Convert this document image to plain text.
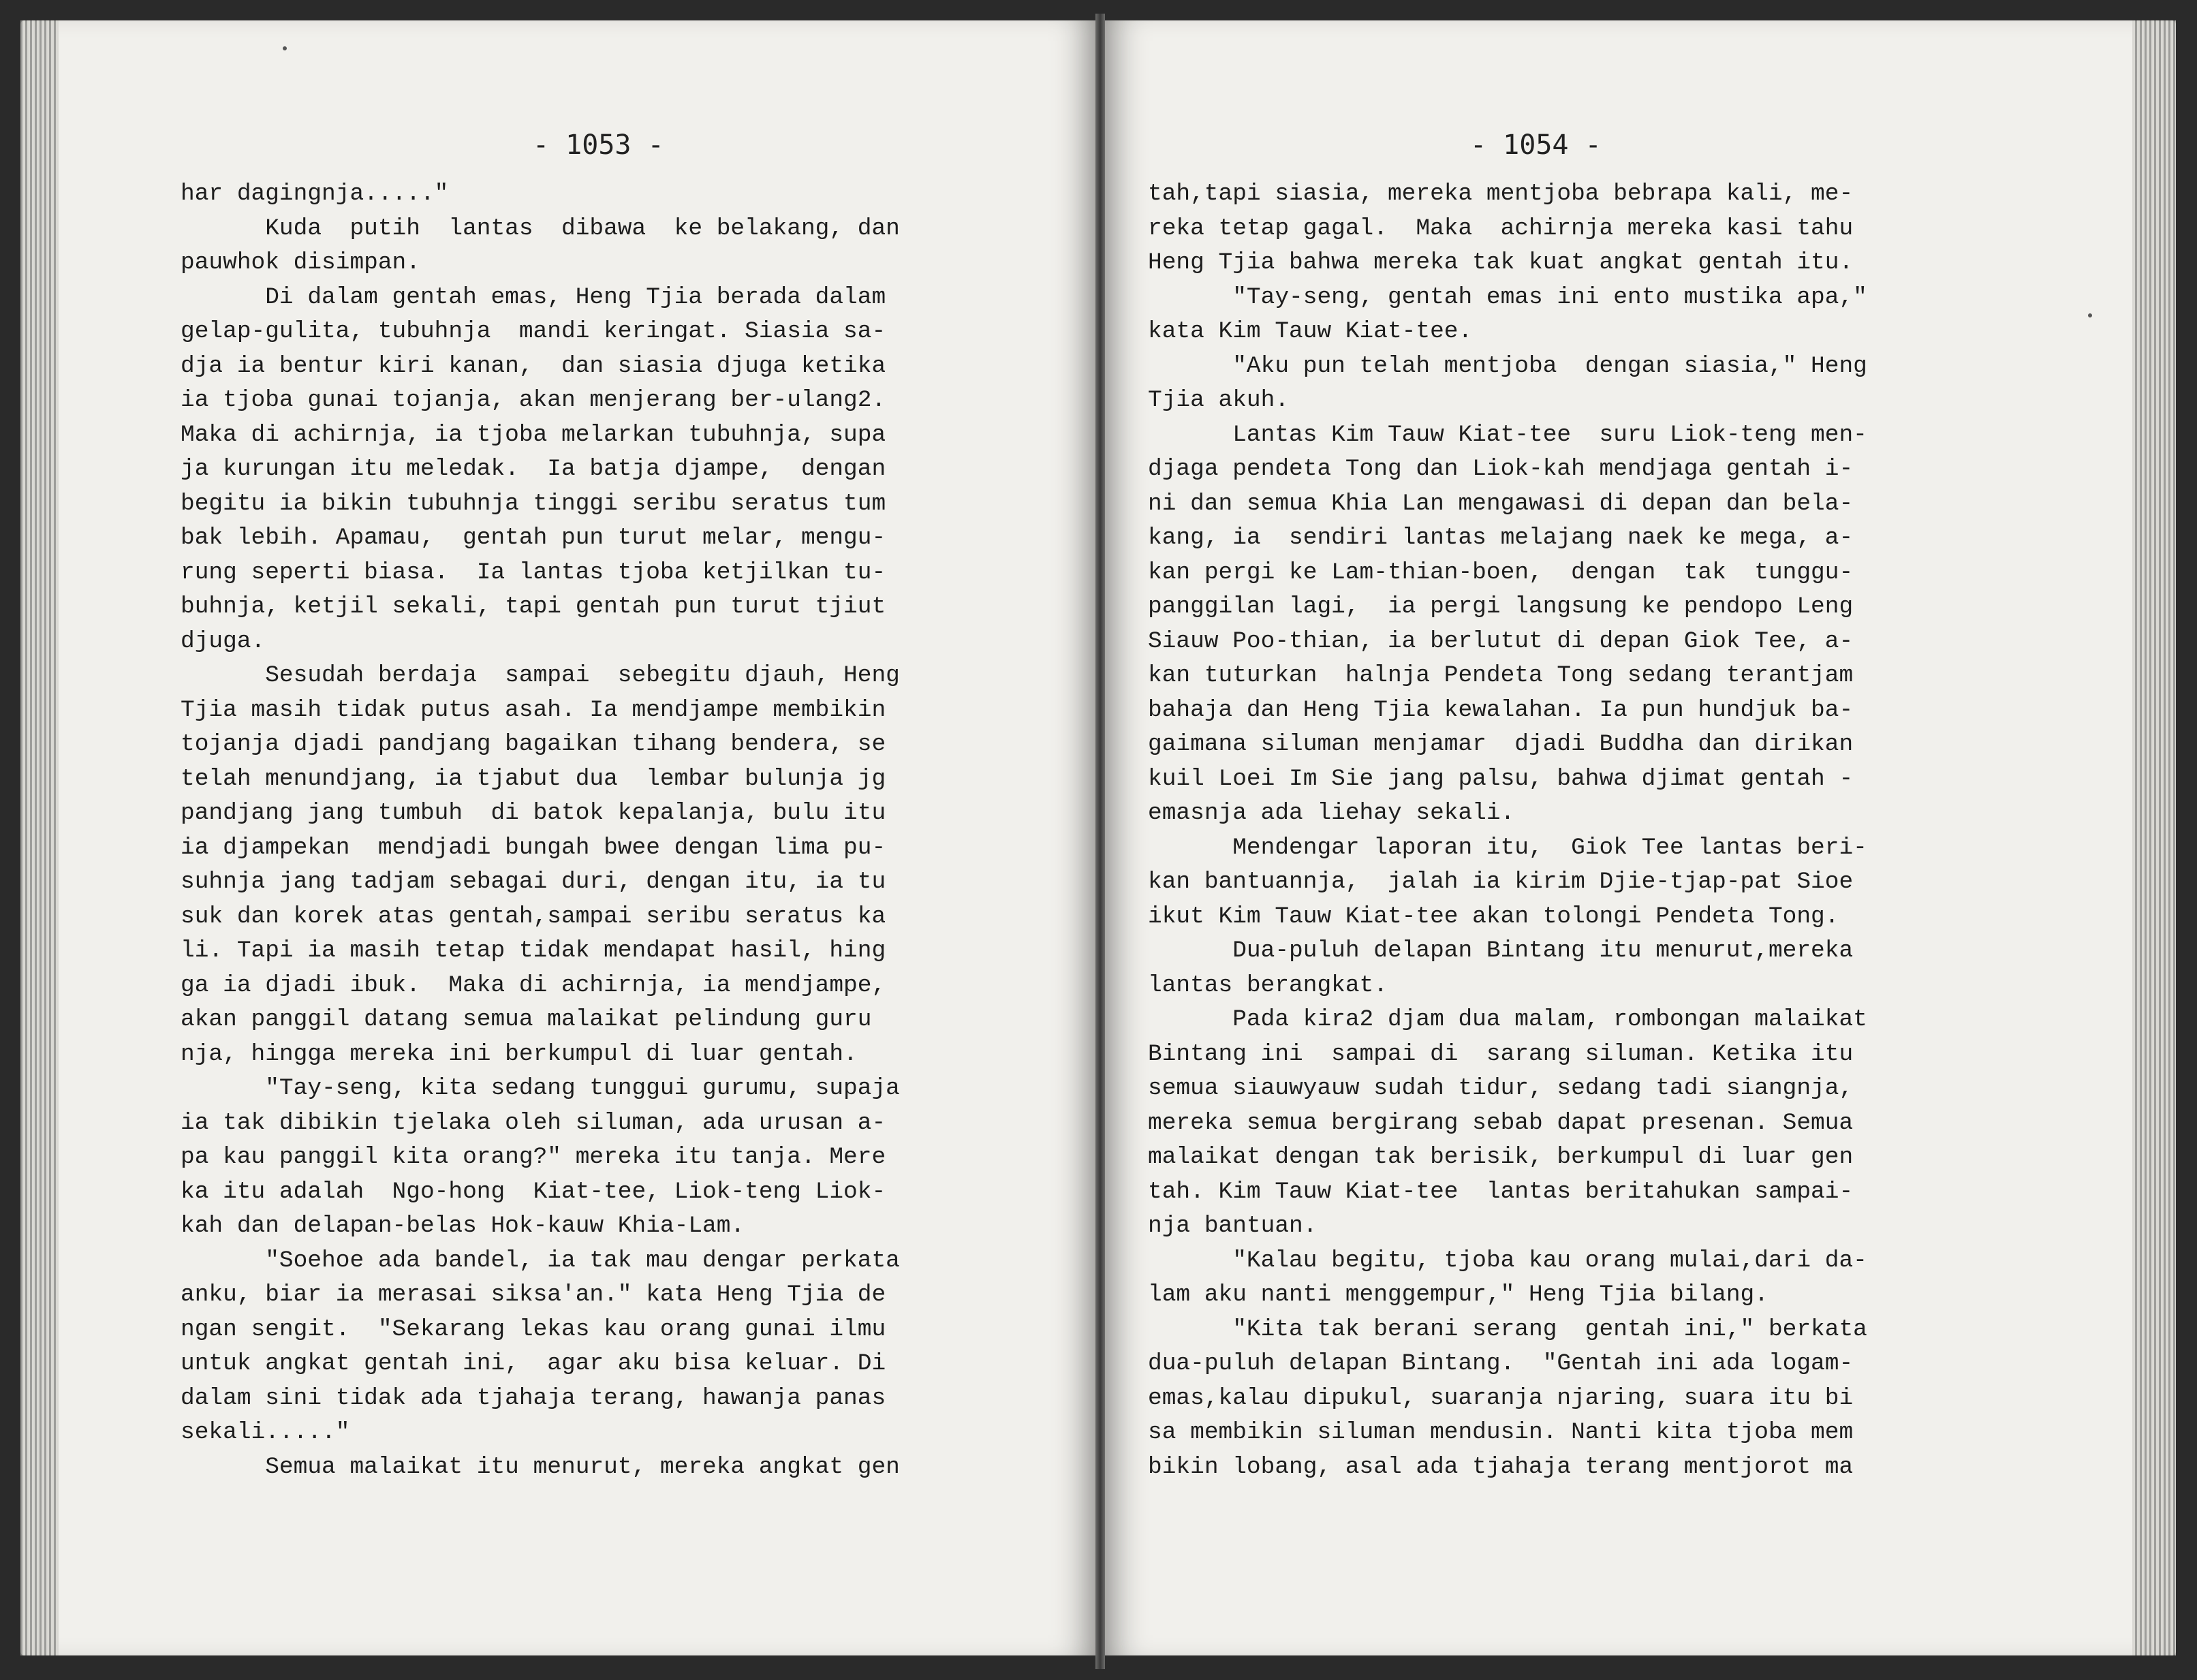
- 1053 -
har dagingnja....."
Kuda  putih  lantas  dibawa  ke belakang, dan
pauwhok disimpan.
Di dalam gentah emas, Heng Tjia berada dalam
gelap-gulita, tubuhnja  mandi keringat. Siasia sa-
dja ia bentur kiri kanan,  dan siasia djuga ketika
ia tjoba gunai tojanja, akan menjerang ber-ulang2.
Maka di achirnja, ia tjoba melarkan tubuhnja, supa
ja kurungan itu meledak.  Ia batja djampe,  dengan
begitu ia bikin tubuhnja tinggi seribu seratus tum
bak lebih. Apamau,  gentah pun turut melar, mengu-
rung seperti biasa.  Ia lantas tjoba ketjilkan tu-
buhnja, ketjil sekali, tapi gentah pun turut tjiut
djuga.
Sesudah berdaja  sampai  sebegitu djauh, Heng
Tjia masih tidak putus asah. Ia mendjampe membikin
tojanja djadi pandjang bagaikan tihang bendera, se
telah menundjang, ia tjabut dua  lembar bulunja jg
pandjang jang tumbuh  di batok kepalanja, bulu itu
ia djampekan  mendjadi bungah bwee dengan lima pu-
suhnja jang tadjam sebagai duri, dengan itu, ia tu
suk dan korek atas gentah,sampai seribu seratus ka
li. Tapi ia masih tetap tidak mendapat hasil, hing
ga ia djadi ibuk.  Maka di achirnja, ia mendjampe,
akan panggil datang semua malaikat pelindung guru
nja, hingga mereka ini berkumpul di luar gentah.
"Tay-seng, kita sedang tunggui gurumu, supaja
ia tak dibikin tjelaka oleh siluman, ada urusan a-
pa kau panggil kita orang?" mereka itu tanja. Mere
ka itu adalah  Ngo-hong  Kiat-tee, Liok-teng Liok-
kah dan delapan-belas Hok-kauw Khia-Lam.
"Soehoe ada bandel, ia tak mau dengar perkata
anku, biar ia merasai siksa'an." kata Heng Tjia de
ngan sengit.  "Sekarang lekas kau orang gunai ilmu
untuk angkat gentah ini,  agar aku bisa keluar. Di
dalam sini tidak ada tjahaja terang, hawanja panas
sekali....."
Semua malaikat itu menurut, mereka angkat gen
- 1054 -
tah,tapi siasia, mereka mentjoba bebrapa kali, me-
reka tetap gagal.  Maka  achirnja mereka kasi tahu
Heng Tjia bahwa mereka tak kuat angkat gentah itu.
"Tay-seng, gentah emas ini ento mustika apa,"
kata Kim Tauw Kiat-tee.
"Aku pun telah mentjoba  dengan siasia," Heng
Tjia akuh.
Lantas Kim Tauw Kiat-tee  suru Liok-teng men-
djaga pendeta Tong dan Liok-kah mendjaga gentah i-
ni dan semua Khia Lan mengawasi di depan dan bela-
kang, ia  sendiri lantas melajang naek ke mega, a-
kan pergi ke Lam-thian-boen,  dengan  tak  tunggu-
panggilan lagi,  ia pergi langsung ke pendopo Leng
Siauw Poo-thian, ia berlutut di depan Giok Tee, a-
kan tuturkan  halnja Pendeta Tong sedang terantjam
bahaja dan Heng Tjia kewalahan. Ia pun hundjuk ba-
gaimana siluman menjamar  djadi Buddha dan dirikan
kuil Loei Im Sie jang palsu, bahwa djimat gentah -
emasnja ada liehay sekali.
Mendengar laporan itu,  Giok Tee lantas beri-
kan bantuannja,  jalah ia kirim Djie-tjap-pat Sioe
ikut Kim Tauw Kiat-tee akan tolongi Pendeta Tong.
Dua-puluh delapan Bintang itu menurut,mereka
lantas berangkat.
Pada kira2 djam dua malam, rombongan malaikat
Bintang ini  sampai di  sarang siluman. Ketika itu
semua siauwyauw sudah tidur, sedang tadi siangnja,
mereka semua bergirang sebab dapat presenan. Semua
malaikat dengan tak berisik, berkumpul di luar gen
tah. Kim Tauw Kiat-tee  lantas beritahukan sampai-
nja bantuan.
"Kalau begitu, tjoba kau orang mulai,dari da-
lam aku nanti menggempur," Heng Tjia bilang.
"Kita tak berani serang  gentah ini," berkata
dua-puluh delapan Bintang.  "Gentah ini ada logam-
emas,kalau dipukul, suaranja njaring, suara itu bi
sa membikin siluman mendusin. Nanti kita tjoba mem
bikin lobang, asal ada tjahaja terang mentjorot ma
